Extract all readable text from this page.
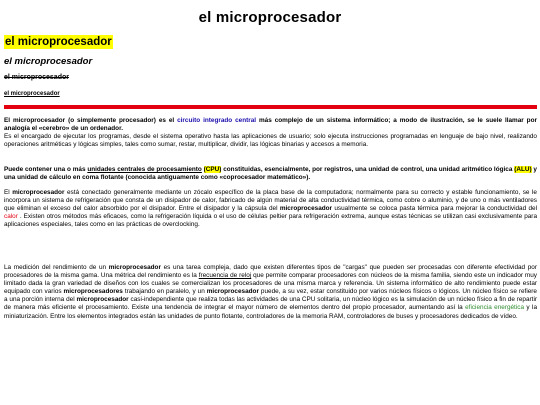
el microprocesador
el microprocesador
el microprocesador
el microprocesador
el microprocesador

El microprocesador (o simplemente procesador) es el circuito integrado central más complejo de un sistema informático; a modo de ilustración, se le suele llamar por analogía el «cerebro» de un ordenador.
Es el encargado de ejecutar los programas, desde el sistema operativo hasta las aplicaciones de usuario; solo ejecuta instrucciones programadas en lenguaje de bajo nivel, realizando operaciones aritméticas y lógicas simples, tales como sumar, restar, multiplicar, dividir, las lógicas binarias y accesos a memoria.

Puede contener una o más unidades centrales de procesamiento (CPU) constituidas, esencialmente, por registros, una unidad de control, una unidad aritmético lógica (ALU) y una unidad de cálculo en coma flotante (conocida antiguamente como «coprocesador matemático»).

El microprocesador está conectado generalmente mediante un zócalo específico de la placa base de la computadora; normalmente para su correcto y estable funcionamiento, se le incorpora un sistema de refrigeración que consta de un disipador de calor, fabricado de algún material de alta conductividad térmica, como cobre o aluminio, y de uno o más ventiladores que eliminan el exceso del calor absorbido por el disipador. Entre el disipador y la cápsula del microprocesador usualmente se coloca pasta térmica para mejorar la conductividad del calor . Existen otros métodos más eficaces, como la refrigeración líquida o el uso de células peltier para refrigeración extrema, aunque estas técnicas se utilizan casi exclusivamente para aplicaciones especiales, tales como en las prácticas de overclocking.

La medición del rendimiento de un microprocesador es una tarea compleja, dado que existen diferentes tipos de "cargas" que pueden ser procesadas con diferente efectividad por procesadores de la misma gama. Una métrica del rendimiento es la frecuencia de reloj que permite comparar procesadores con núcleos de la misma familia, siendo este un indicador muy limitado dada la gran variedad de diseños con los cuales se comercializan los procesadores de una misma marca y referencia. Un sistema informático de alto rendimiento puede estar equipado con varios microprocesadores trabajando en paralelo, y un microprocesador puede, a su vez, estar constituido por varios núcleos físicos o lógicos. Un núcleo físico se refiere a una porción interna del microprocesador casi-independiente que realiza todas las actividades de una CPU solitaria, un núcleo lógico es la simulación de un núcleo físico a fin de repartir de manera más eficiente el procesamiento. Existe una tendencia de integrar el mayor número de elementos dentro del propio procesador, aumentando así la eficiencia energética y la miniaturización. Entre los elementos integrados están las unidades de punto flotante, controladores de la memoria RAM, controladores de buses y procesadores dedicados de vídeo.
